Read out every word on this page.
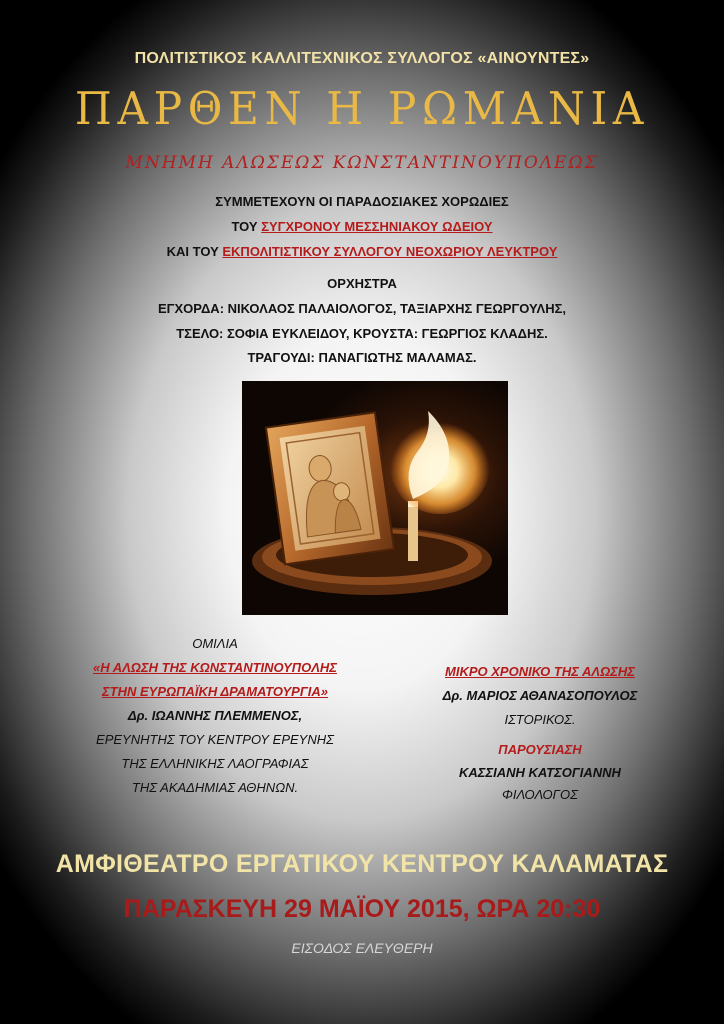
ΠΟΛΙΤΙΣΤΙΚΟΣ ΚΑΛΛΙΤΕΧΝΙΚΟΣ ΣΥΛΛΟΓΟΣ «ΑΙΝΟΥΝΤΕΣ»
ΠΑΡΘΕΝ Η ΡΩΜΑΝΙΑ
ΜΝΗΜΗ ΑΛΩΣΕΩΣ ΚΩΝΣΤΑΝΤΙΝΟΥΠΟΛΕΩΣ
ΣΥΜΜΕΤΕΧΟΥΝ ΟΙ ΠΑΡΑΔΟΣΙΑΚΕΣ ΧΟΡΩΔΙΕΣ
ΤΟΥ ΣΥΓΧΡΟΝΟΥ ΜΕΣΣΗΝΙΑΚΟΥ ΩΔΕΙΟΥ
ΚΑΙ ΤΟΥ ΕΚΠΟΛΙΤΙΣΤΙΚΟΥ ΣΥΛΛΟΓΟΥ ΝΕΟΧΩΡΙΟΥ ΛΕΥΚΤΡΟΥ
ΟΡΧΗΣΤΡΑ
ΕΓΧΟΡΔΑ: ΝΙΚΟΛΑΟΣ ΠΑΛΑΙΟΛΟΓΟΣ, ΤΑΞΙΑΡΧΗΣ ΓΕΩΡΓΟΥΛΗΣ,
ΤΣΕΛΟ: ΣΟΦΙΑ ΕΥΚΛΕΙΔΟΥ, ΚΡΟΥΣΤΑ: ΓΕΩΡΓΙΟΣ ΚΛΑΔΗΣ.
ΤΡΑΓΟΥΔΙ: ΠΑΝΑΓΙΩΤΗΣ ΜΑΛΑΜΑΣ.
ΟΜΙΛΙΑ
«Η ΑΛΩΣΗ ΤΗΣ ΚΩΝΣΤΑΝΤΙΝΟΥΠΟΛΗΣ
ΣΤΗΝ ΕΥΡΩΠΑΪΚΗ ΔΡΑΜΑΤΟΥΡΓΙΑ»
Δρ. ΙΩΑΝΝΗΣ ΠΛΕΜΜΕΝΟΣ,
ΕΡΕΥΝΗΤΗΣ ΤΟΥ ΚΕΝΤΡΟΥ ΕΡΕΥΝΗΣ
ΤΗΣ ΕΛΛΗΝΙΚΗΣ ΛΑΟΓΡΑΦΙΑΣ
ΤΗΣ ΑΚΑΔΗΜΙΑΣ ΑΘΗΝΩΝ.
ΜΙΚΡΟ ΧΡΟΝΙΚΟ ΤΗΣ ΑΛΩΣΗΣ
Δρ. ΜΑΡΙΟΣ ΑΘΑΝΑΣΟΠΟΥΛΟΣ
ΙΣΤΟΡΙΚΟΣ.
ΠΑΡΟΥΣΙΑΣΗ
ΚΑΣΣΙΑΝΗ ΚΑΤΣΟΓΙΑΝΝΗ
ΦΙΛΟΛΟΓΟΣ
ΑΜΦΙΘΕΑΤΡΟ ΕΡΓΑΤΙΚΟΥ ΚΕΝΤΡΟΥ ΚΑΛΑΜΑΤΑΣ
ΠΑΡΑΣΚΕΥΗ 29 ΜΑΪΟΥ 2015, ΩΡΑ 20:30
ΕΙΣΟΔΟΣ ΕΛΕΥΘΕΡΗ
